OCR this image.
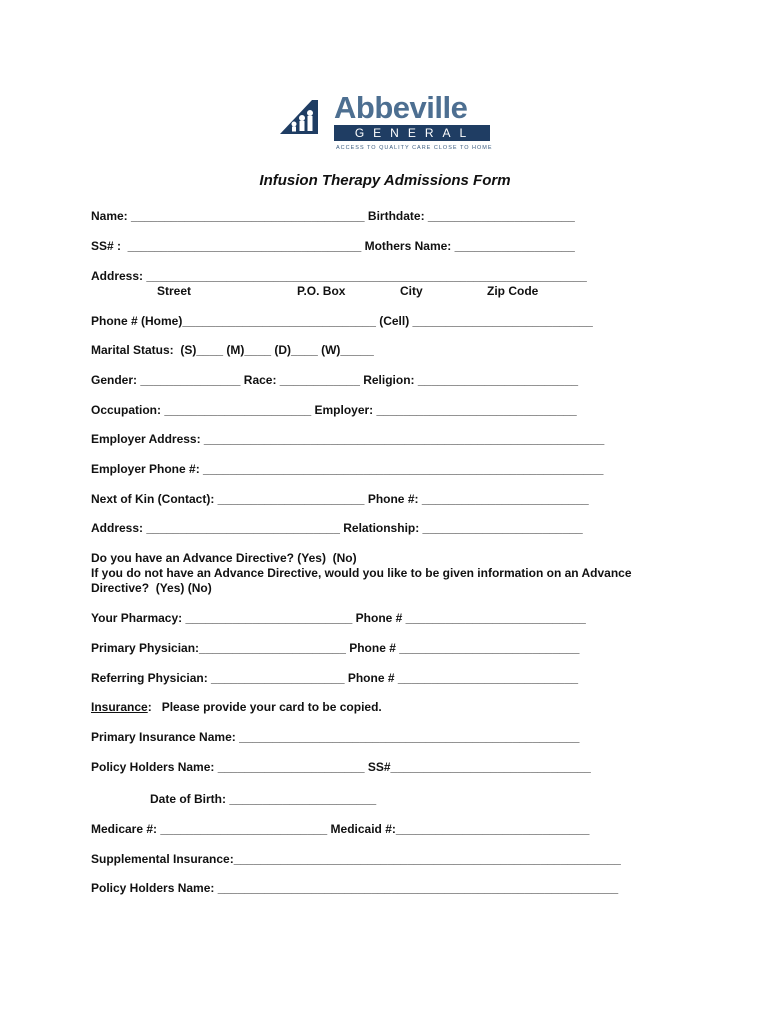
Abbeville
GENERAL
ACCESS TO QUALITY CARE CLOSE TO HOME
Infusion Therapy Admissions Form
Name: ___________________________________ Birthdate: ______________________
SS# :  ___________________________________ Mothers Name: __________________
Address: __________________________________________________________________
Street	P.O. Box	City	Zip Code
Phone # (Home)_____________________________ (Cell) ___________________________
Marital Status:  (S)____ (M)____ (D)____ (W)_____
Gender: _______________ Race: ____________ Religion: ________________________
Occupation: ______________________ Employer: ______________________________
Employer Address: ____________________________________________________________
Employer Phone #: ____________________________________________________________
Next of Kin (Contact): ______________________ Phone #: _________________________
Address: _____________________________ Relationship: ________________________
Do you have an Advance Directive? (Yes)  (No)
If you do not have an Advance Directive, would you like to be given information on an Advance
Directive?  (Yes) (No)
Your Pharmacy: _________________________ Phone # ___________________________
Primary Physician:______________________ Phone # ___________________________
Referring Physician: ____________________ Phone # ___________________________
Insurance:   Please provide your card to be copied.
Primary Insurance Name: ___________________________________________________
Policy Holders Name: ______________________ SS#______________________________
Date of Birth: ______________________
Medicare #: _________________________ Medicaid #:_____________________________
Supplemental Insurance:__________________________________________________________
Policy Holders Name: ____________________________________________________________
